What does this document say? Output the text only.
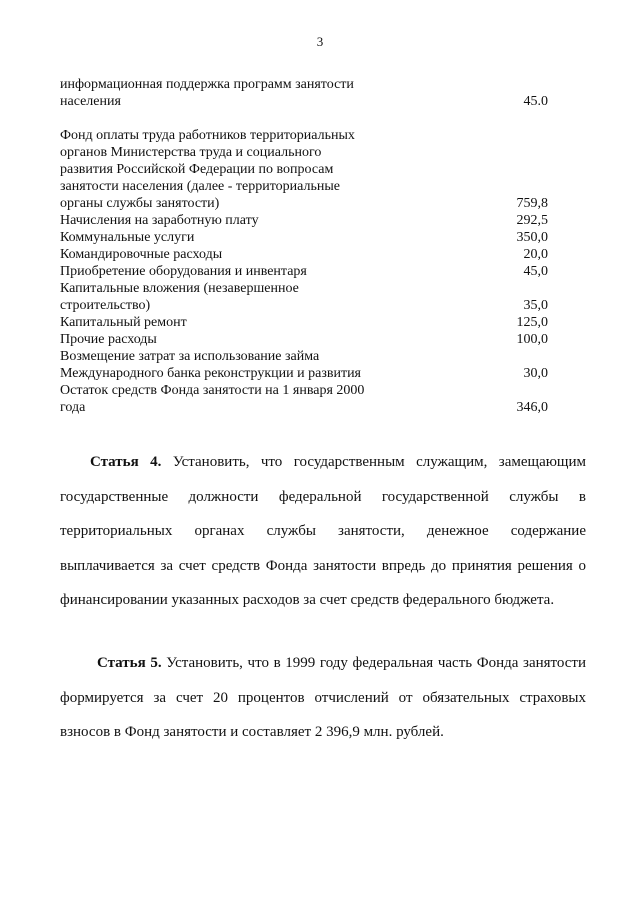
3
информационная поддержка программ занятости
населения	45.0
Фонд оплаты труда работников территориальных
органов Министерства труда и социального
развития Российской Федерации по вопросам
занятости населения (далее - территориальные
органы службы занятости)	759,8
Начисления на заработную плату	292,5
Коммунальные услуги	350,0
Командировочные расходы	20,0
Приобретение оборудования и инвентаря	45,0
Капитальные вложения (незавершенное
строительство)	35,0
Капитальный ремонт	125,0
Прочие расходы	100,0
Возмещение затрат за использование займа
Международного банка реконструкции и развития	30,0
Остаток средств Фонда занятости на 1 января 2000
года	346,0
Статья 4. Установить, что государственным служащим, замещающим государственные должности федеральной государственной службы в территориальных органах службы занятости, денежное содержание выплачивается за счет средств Фонда занятости впредь до принятия решения о финансировании указанных расходов за счет средств федерального бюджета.
Статья 5. Установить, что в 1999 году федеральная часть Фонда занятости формируется за счет 20 процентов отчислений от обязательных страховых взносов в Фонд занятости и составляет 2 396,9 млн. рублей.
